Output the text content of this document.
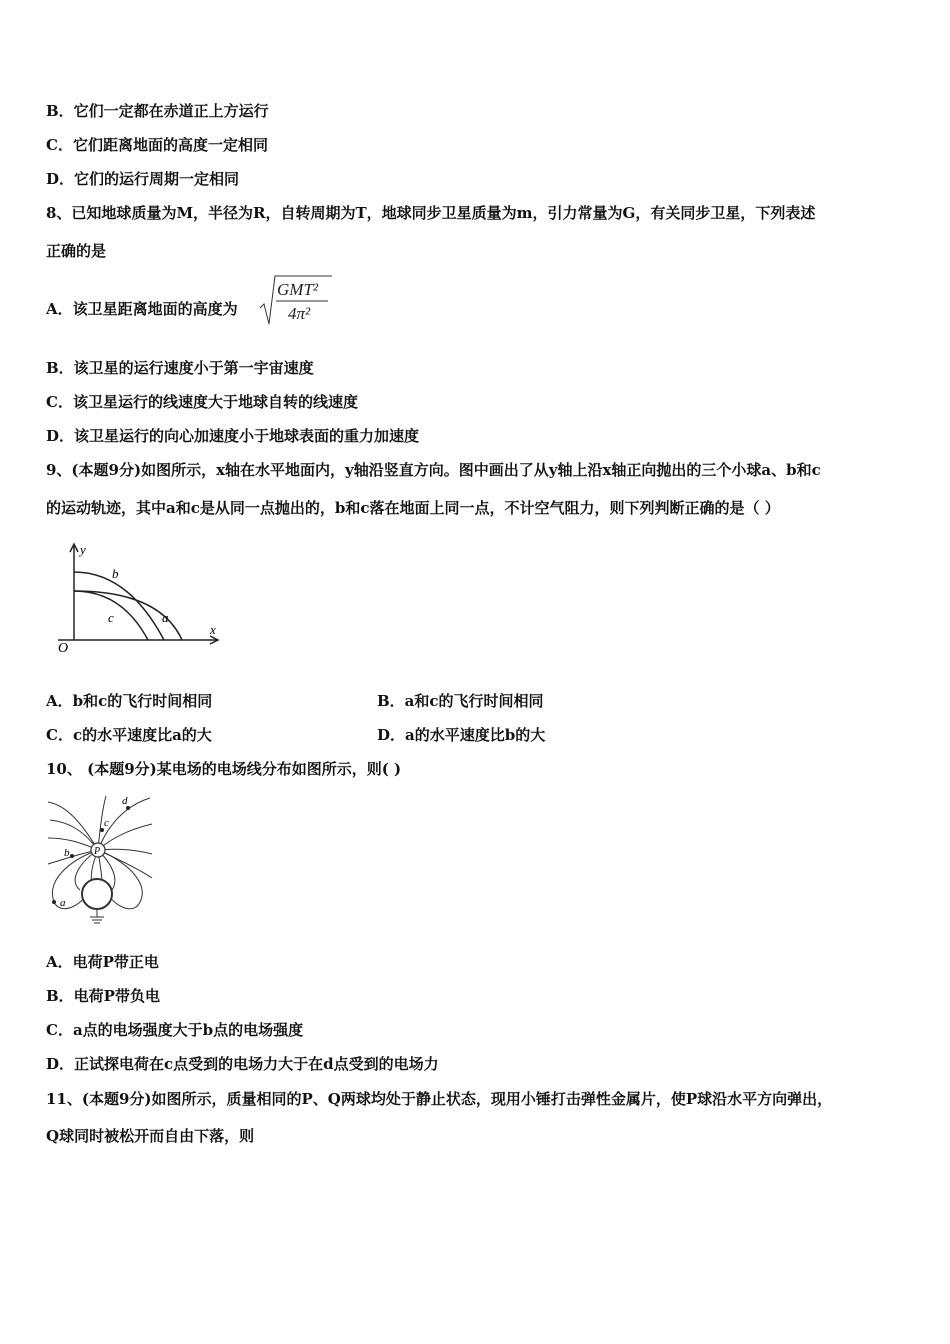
B．它们一定都在赤道正上方运行
C．它们距离地面的高度一定相同
D．它们的运行周期一定相同
8、已知地球质量为M，半径为R，自转周期为T，地球同步卫星质量为m，引力常量为G，有关同步卫星，下列表述
正确的是
A．该卫星距离地面的高度为
GMT²
4π²
B．该卫星的运行速度小于第一宇宙速度
C．该卫星运行的线速度大于地球自转的线速度
D．该卫星运行的向心加速度小于地球表面的重力加速度
9、(本题9分)如图所示，x轴在水平地面内，y轴沿竖直方向。图中画出了从y轴上沿x轴正向抛出的三个小球a、b和c
的运动轨迹，其中a和c是从同一点抛出的，b和c落在地面上同一点，不计空气阻力，则下列判断正确的是（ ）
y
x
O
b
a
c
A．b和c的飞行时间相同	B．a和c的飞行时间相同
C．c的水平速度比a的大	D．a的水平速度比b的大
10、 (本题9分)某电场的电场线分布如图所示，则( )
P
c
d
b
a
A．电荷P带正电
B．电荷P带负电
C．a点的电场强度大于b点的电场强度
D．正试探电荷在c点受到的电场力大于在d点受到的电场力
11、(本题9分)如图所示，质量相同的P、Q两球均处于静止状态，现用小锤打击弹性金属片，使P球沿水平方向弹出，
Q球同时被松开而自由下落，则
